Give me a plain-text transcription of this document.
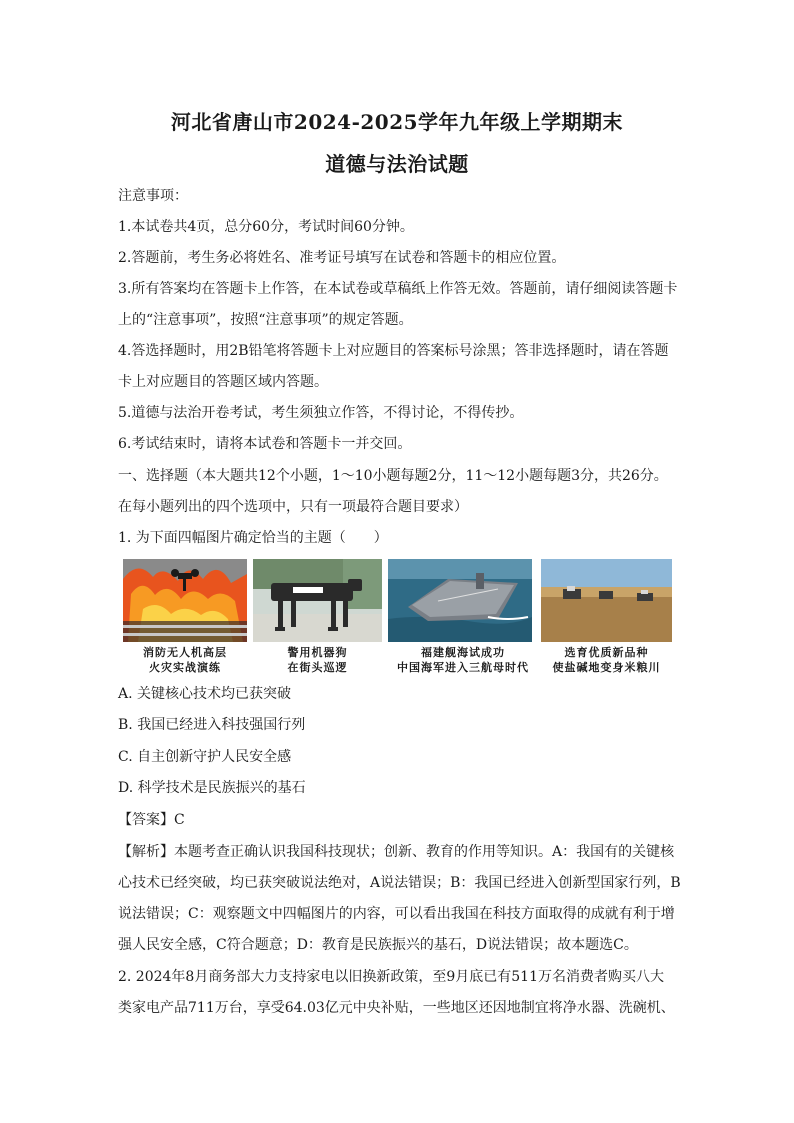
河北省唐山市2024-2025学年九年级上学期期末
道德与法治试题
注意事项：
1.本试卷共4页，总分60分，考试时间60分钟。
2.答题前，考生务必将姓名、准考证号填写在试卷和答题卡的相应位置。
3.所有答案均在答题卡上作答，在本试卷或草稿纸上作答无效。答题前，请仔细阅读答题卡
上的“注意事项”，按照“注意事项”的规定答题。
4.答选择题时，用2B铅笔将答题卡上对应题目的答案标号涂黑；答非选择题时，请在答题
卡上对应题目的答题区域内答题。
5.道德与法治开卷考试，考生须独立作答，不得讨论，不得传抄。
6.考试结束时，请将本试卷和答题卡一并交回。
一、选择题（本大题共12个小题，1～10小题每题2分，11～12小题每题3分，共26分。
在每小题列出的四个选项中，只有一项最符合题目要求）
1. 为下面四幅图片确定恰当的主题（　　）
消防无人机高层
火灾实战演练
警用机器狗
在街头巡逻
福建舰海试成功
中国海军进入三航母时代
选育优质新品种
使盐碱地变身米粮川
A. 关键核心技术均已获突破
B. 我国已经进入科技强国行列
C. 自主创新守护人民安全感
D. 科学技术是民族振兴的基石
【答案】C
【解析】本题考查正确认识我国科技现状；创新、教育的作用等知识。A：我国有的关键核
心技术已经突破，均已获突破说法绝对，A说法错误；B：我国已经进入创新型国家行列，B
说法错误；C：观察题文中四幅图片的内容，可以看出我国在科技方面取得的成就有利于增
强人民安全感，C符合题意；D：教育是民族振兴的基石，D说法错误；故本题选C。
2. 2024年8月商务部大力支持家电以旧换新政策，至9月底已有511万名消费者购买八大
类家电产品711万台，享受64.03亿元中央补贴，一些地区还因地制宜将净水器、洗碗机、
